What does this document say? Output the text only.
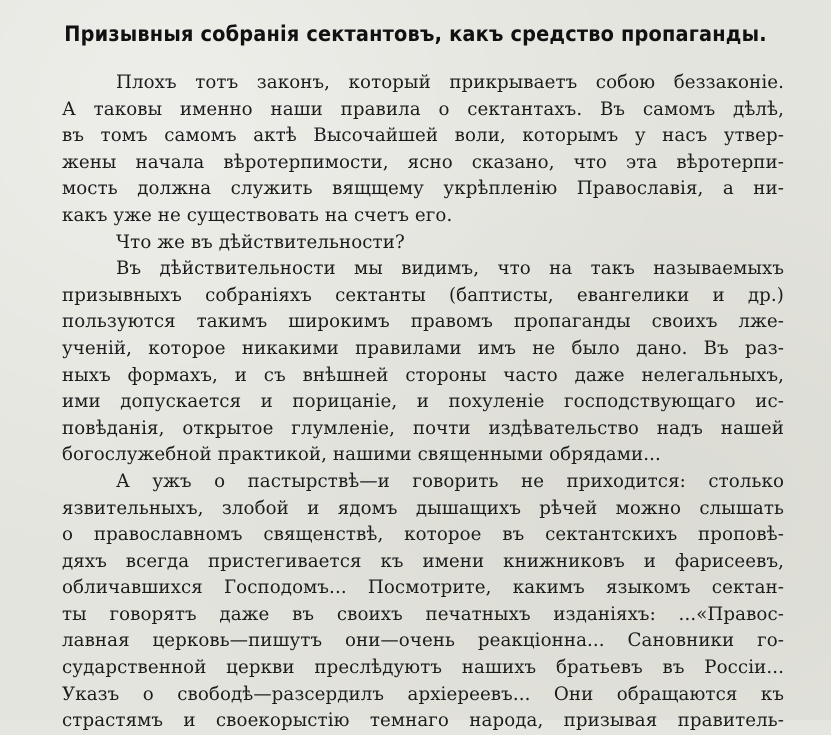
Призывныя собранія сектантовъ, какъ средство пропаганды.
Плохъ тотъ законъ, который прикрываетъ собою беззаконіе.
А таковы именно наши правила о сектантахъ. Въ самомъ дѣлѣ,
въ томъ самомъ актѣ Высочайшей воли, которымъ у насъ утвер-
жены начала вѣротерпимости, ясно сказано, что эта вѣротерпи-
мость должна служить вящщему укрѣпленію Православія, а ни-
какъ уже не существовать на счетъ его.
Что же въ дѣйствительности?
Въ дѣйствительности мы видимъ, что на такъ называемыхъ
призывныхъ собраніяхъ сектанты (баптисты, евангелики и др.)
пользуются такимъ широкимъ правомъ пропаганды своихъ лже-
ученій, которое никакими правилами имъ не было дано. Въ раз-
ныхъ формахъ, и съ внѣшней стороны часто даже нелегальныхъ,
ими допускается и порицаніе, и похуленіе господствующаго ис-
повѣданія, открытое глумленіе, почти издѣвательство надъ нашей
богослужебной практикой, нашими священными обрядами...
А ужъ о пастырствѣ—и говорить не приходится: столько
язвительныхъ, злобой и ядомъ дышащихъ рѣчей можно слышать
о православномъ священствѣ, которое въ сектантскихъ проповѣ-
дяхъ всегда пристегивается къ имени книжниковъ и фарисеевъ,
обличавшихся Господомъ... Посмотрите, какимъ языкомъ сектан-
ты говорятъ даже въ своихъ печатныхъ изданіяхъ: ...«Правос-
лавная церковь—пишутъ они—очень реакціонна... Сановники го-
сударственной церкви преслѣдуютъ нашихъ братьевъ въ Россіи...
Указъ о свободѣ—разсердилъ архіереевъ... Они обращаются къ
страстямъ и своекорыстію темнаго народа, призывая правитель-
